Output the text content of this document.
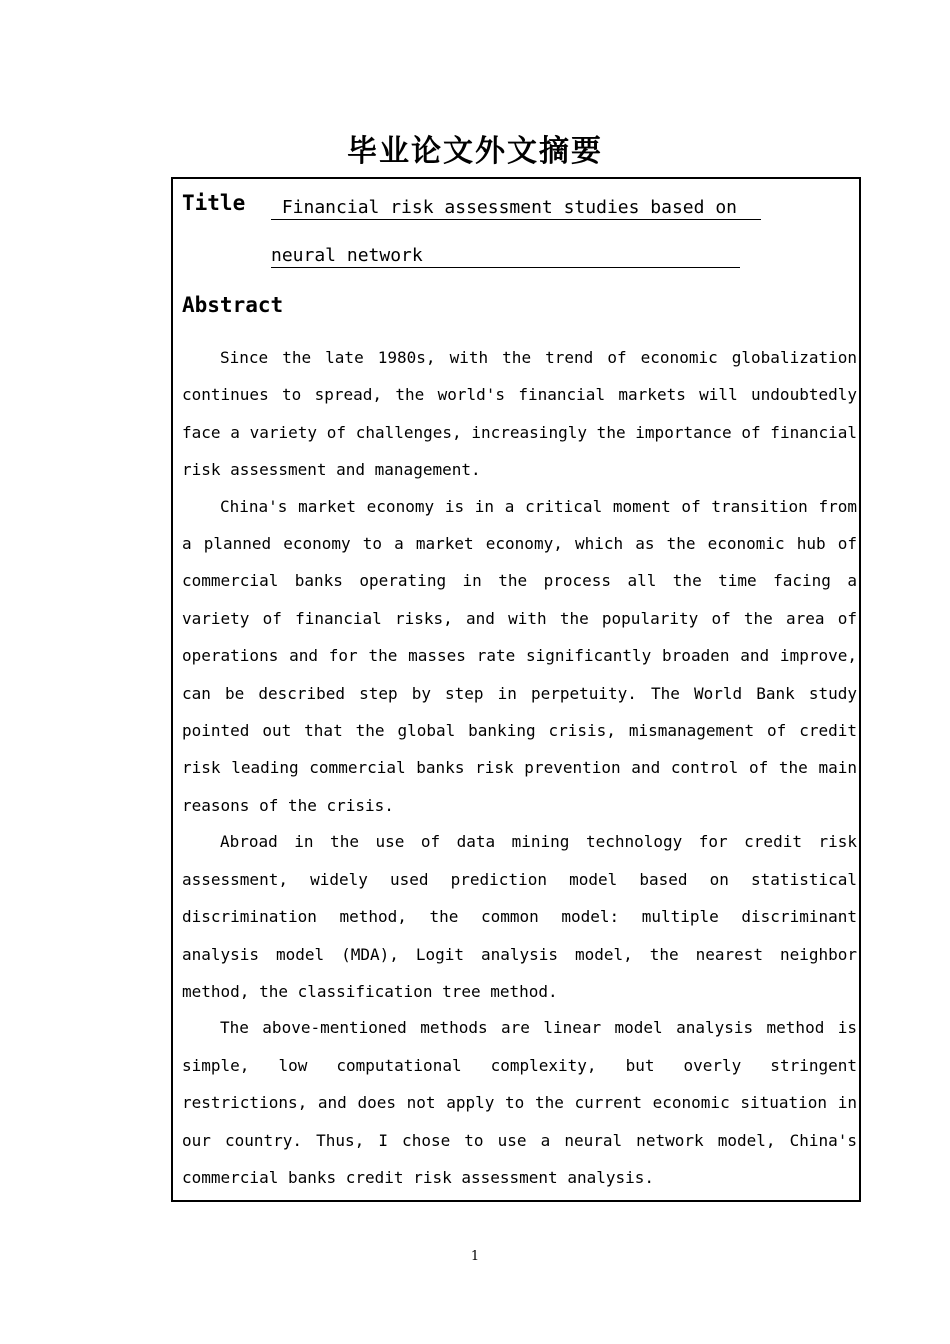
毕业论文外文摘要
Title Financial risk assessment studies based on
neural network
Abstract

Since the late 1980s, with the trend of economic globalization continues to spread, the world's financial markets will undoubtedly face a variety of challenges, increasingly the importance of financial risk assessment and management.

China's market economy is in a critical moment of transition from a planned economy to a market economy, which as the economic hub of commercial banks operating in the process all the time facing a variety of financial risks, and with the popularity of the area of operations and for the masses rate significantly broaden and improve, can be described step by step in perpetuity. The World Bank study pointed out that the global banking crisis, mismanagement of credit risk leading commercial banks risk prevention and control of the main reasons of the crisis.

Abroad in the use of data mining technology for credit risk assessment, widely used prediction model based on statistical discrimination method, the common model: multiple discriminant analysis model (MDA), Logit analysis model, the nearest neighbor method, the classification tree method.

The above-mentioned methods are linear model analysis method is simple, low computational complexity, but overly stringent restrictions, and does not apply to the current economic situation in our country. Thus, I chose to use a neural network model, China's commercial banks credit risk assessment analysis.

1
